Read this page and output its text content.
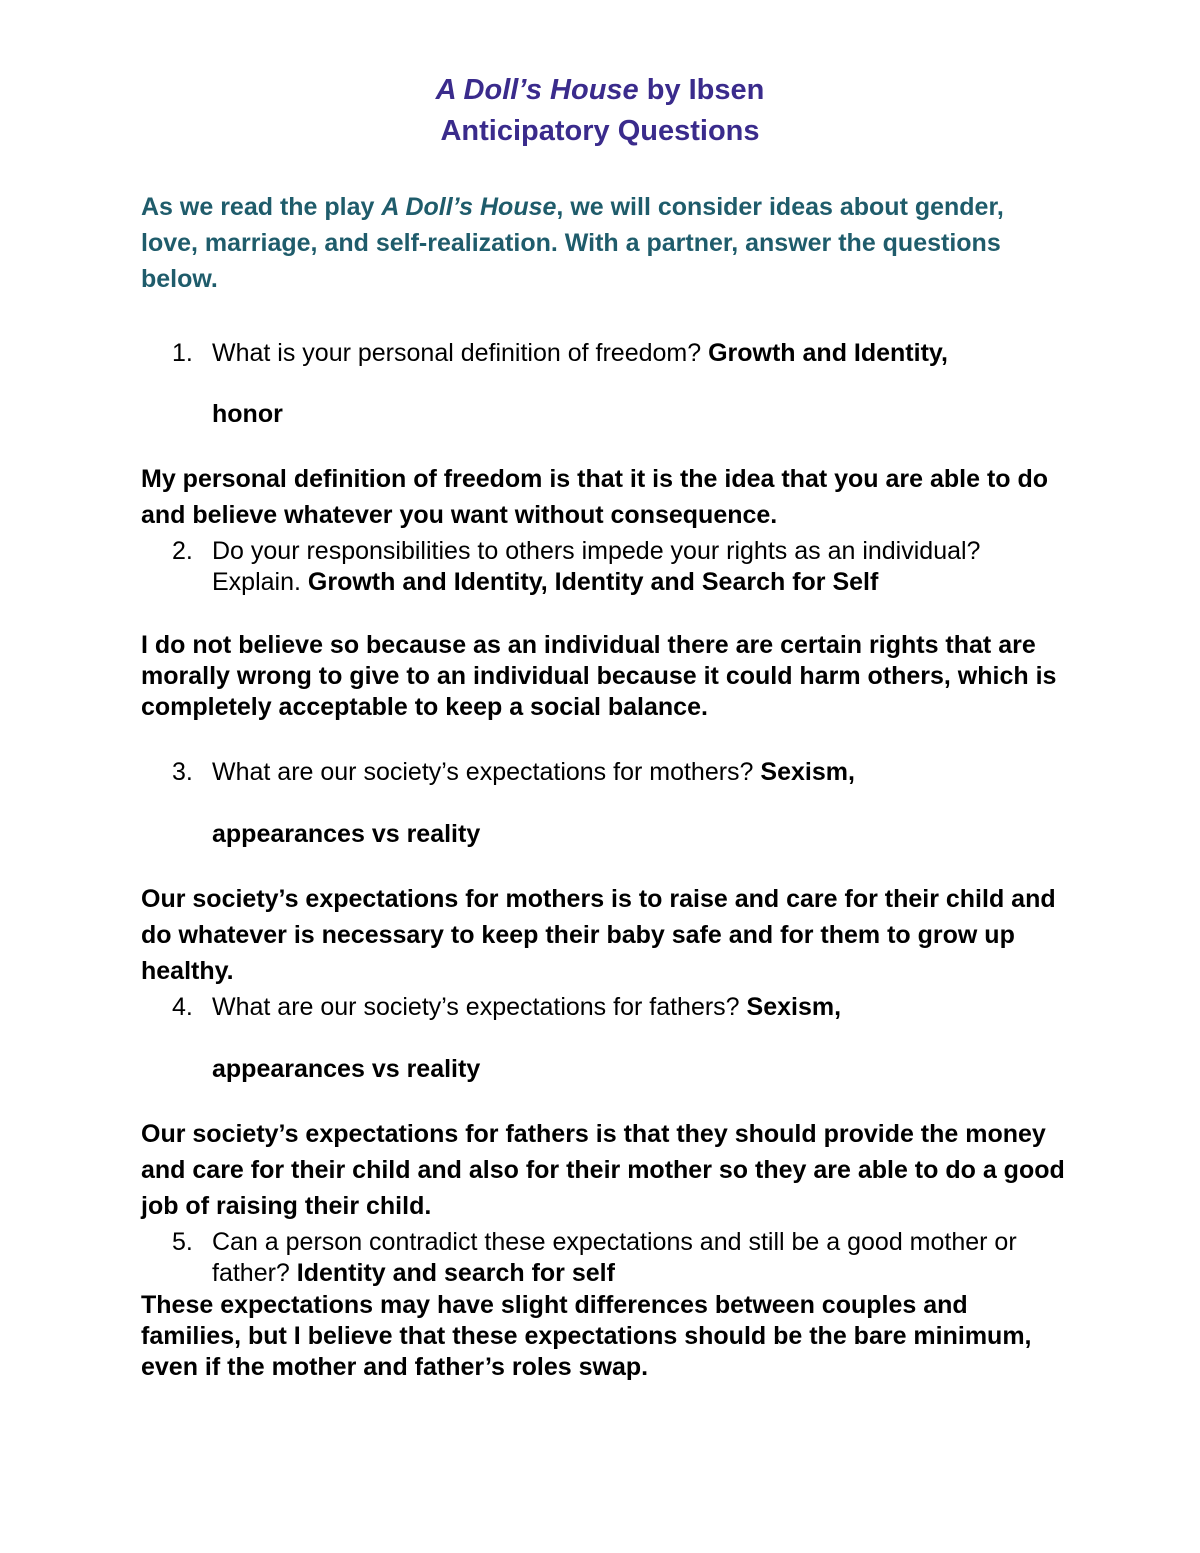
A Doll’s House by Ibsen
Anticipatory Questions
As we read the play A Doll’s House, we will consider ideas about gender, love, marriage, and self-realization. With a partner, answer the questions below.
1. What is your personal definition of freedom? Growth and Identity,
honor
My personal definition of freedom is that it is the idea that you are able to do and believe whatever you want without consequence.
2. Do your responsibilities to others impede your rights as an individual? Explain. Growth and Identity, Identity and Search for Self
I do not believe so because as an individual there are certain rights that are morally wrong to give to an individual because it could harm others, which is completely acceptable to keep a social balance.
3. What are our society’s expectations for mothers? Sexism,
appearances vs reality
Our society’s expectations for mothers is to raise and care for their child and do whatever is necessary to keep their baby safe and for them to grow up healthy.
4. What are our society’s expectations for fathers? Sexism,
appearances vs reality
Our society’s expectations for fathers is that they should provide the money and care for their child and also for their mother so they are able to do a good job of raising their child.
5. Can a person contradict these expectations and still be a good mother or father? Identity and search for self
These expectations may have slight differences between couples and families, but I believe that these expectations should be the bare minimum, even if the mother and father’s roles swap.
